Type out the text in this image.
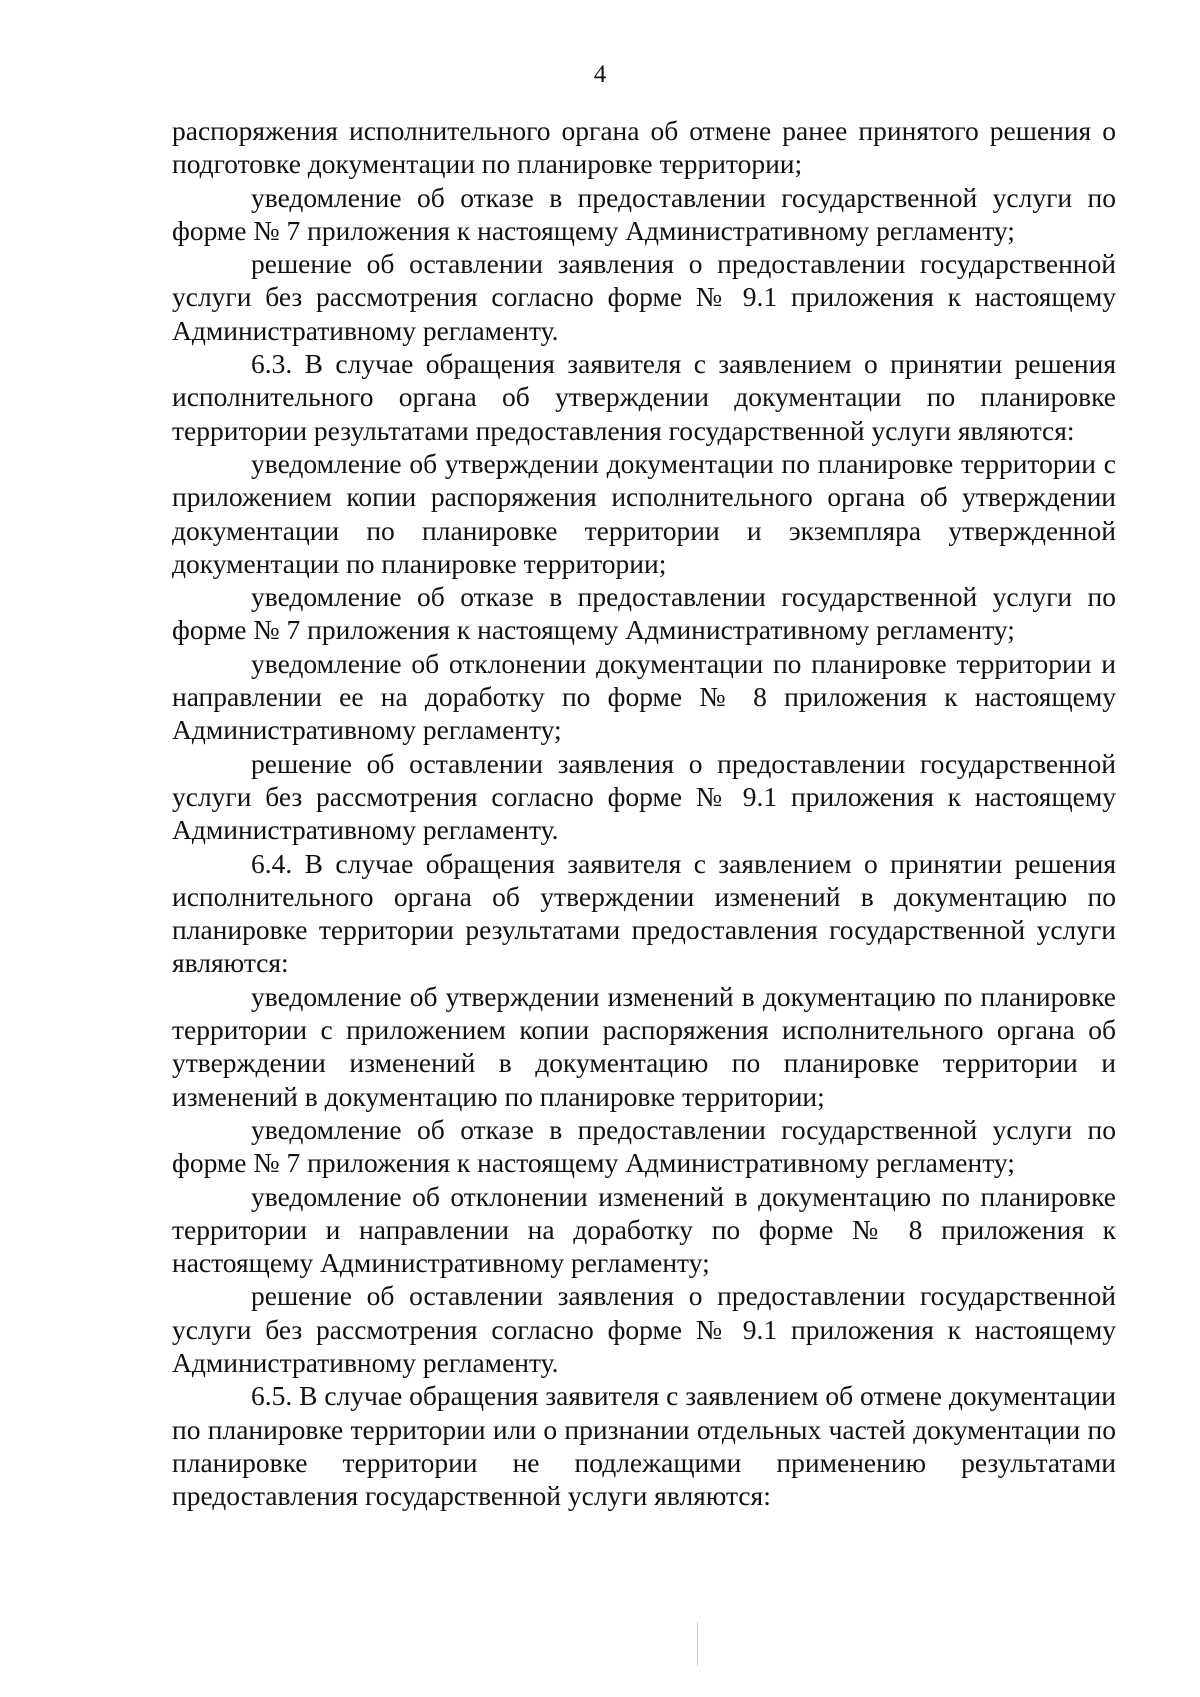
4

распоряжения исполнительного органа об отмене ранее принятого решения о подготовке документации по планировке территории;

уведомление об отказе в предоставлении государственной услуги по форме № 7 приложения к настоящему Административному регламенту;

решение об оставлении заявления о предоставлении государственной услуги без рассмотрения согласно форме № 9.1 приложения к настоящему Административному регламенту.

6.3. В случае обращения заявителя с заявлением о принятии решения исполнительного органа об утверждении документации по планировке территории результатами предоставления государственной услуги являются:

уведомление об утверждении документации по планировке территории с приложением копии распоряжения исполнительного органа об утверждении документации по планировке территории и экземпляра утвержденной документации по планировке территории;

уведомление об отказе в предоставлении государственной услуги по форме № 7 приложения к настоящему Административному регламенту;

уведомление об отклонении документации по планировке территории и направлении ее на доработку по форме № 8 приложения к настоящему Административному регламенту;

решение об оставлении заявления о предоставлении государственной услуги без рассмотрения согласно форме № 9.1 приложения к настоящему Административному регламенту.

6.4. В случае обращения заявителя с заявлением о принятии решения исполнительного органа об утверждении изменений в документацию по планировке территории результатами предоставления государственной услуги являются:

уведомление об утверждении изменений в документацию по планировке территории с приложением копии распоряжения исполнительного органа об утверждении изменений в документацию по планировке территории и изменений в документацию по планировке территории;

уведомление об отказе в предоставлении государственной услуги по форме № 7 приложения к настоящему Административному регламенту;

уведомление об отклонении изменений в документацию по планировке территории и направлении на доработку по форме № 8 приложения к настоящему Административному регламенту;

решение об оставлении заявления о предоставлении государственной услуги без рассмотрения согласно форме № 9.1 приложения к настоящему Административному регламенту.

6.5. В случае обращения заявителя с заявлением об отмене документации по планировке территории или о признании отдельных частей документации по планировке территории не подлежащими применению результатами предоставления государственной услуги являются:
